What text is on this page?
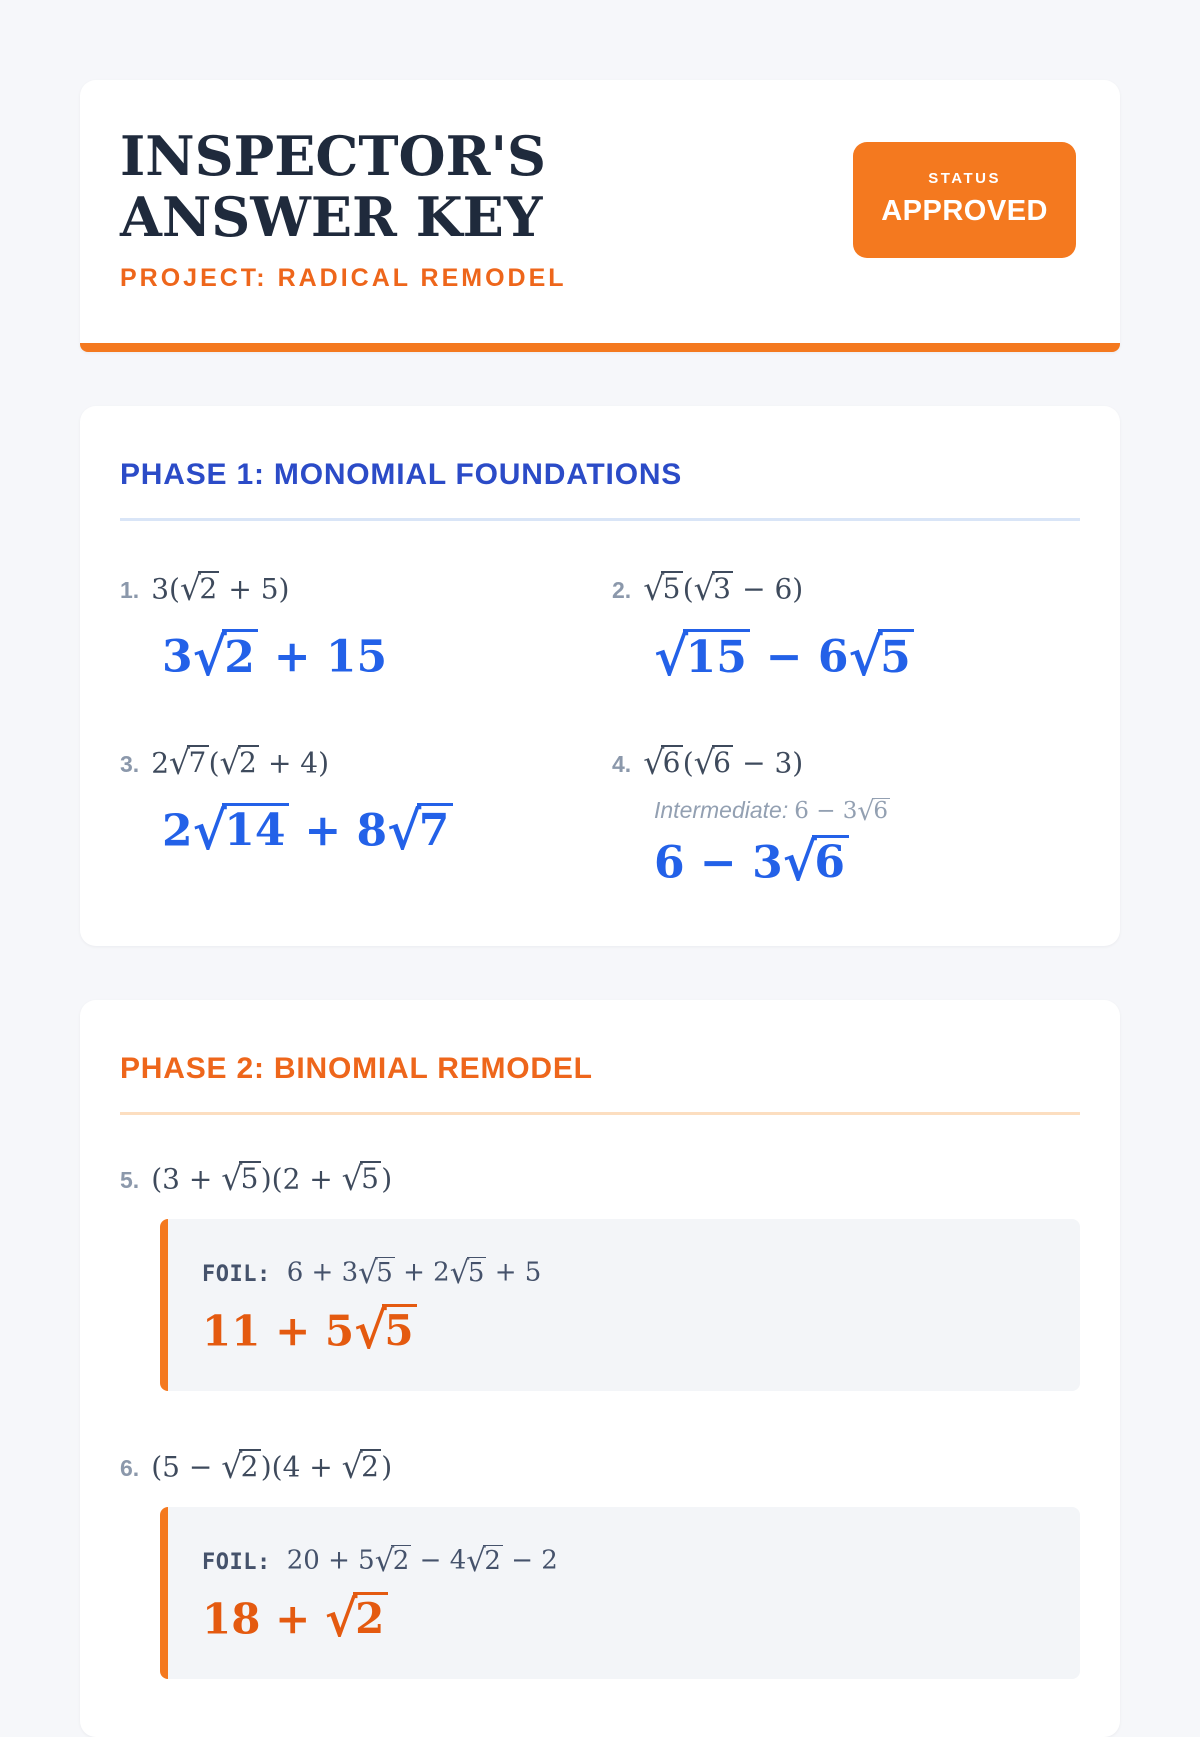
INSPECTOR'S ANSWER KEY
PROJECT: RADICAL REMODEL
STATUS
APPROVED
PHASE 1: MONOMIAL FOUNDATIONS
1. 3(√2 + 5)
3√2 + 15
2. √5(√3 − 6)
√15 − 6√5
3. 2√7(√2 + 4)
2√14 + 8√7
4. √6(√6 − 3)
Intermediate: 6 − 3√6
6 − 3√6
PHASE 2: BINOMIAL REMODEL
5. (3 + √5)(2 + √5)
FOIL: 6 + 3√5 + 2√5 + 5
11 + 5√5
6. (5 − √2)(4 + √2)
FOIL: 20 + 5√2 − 4√2 − 2
18 + √2
